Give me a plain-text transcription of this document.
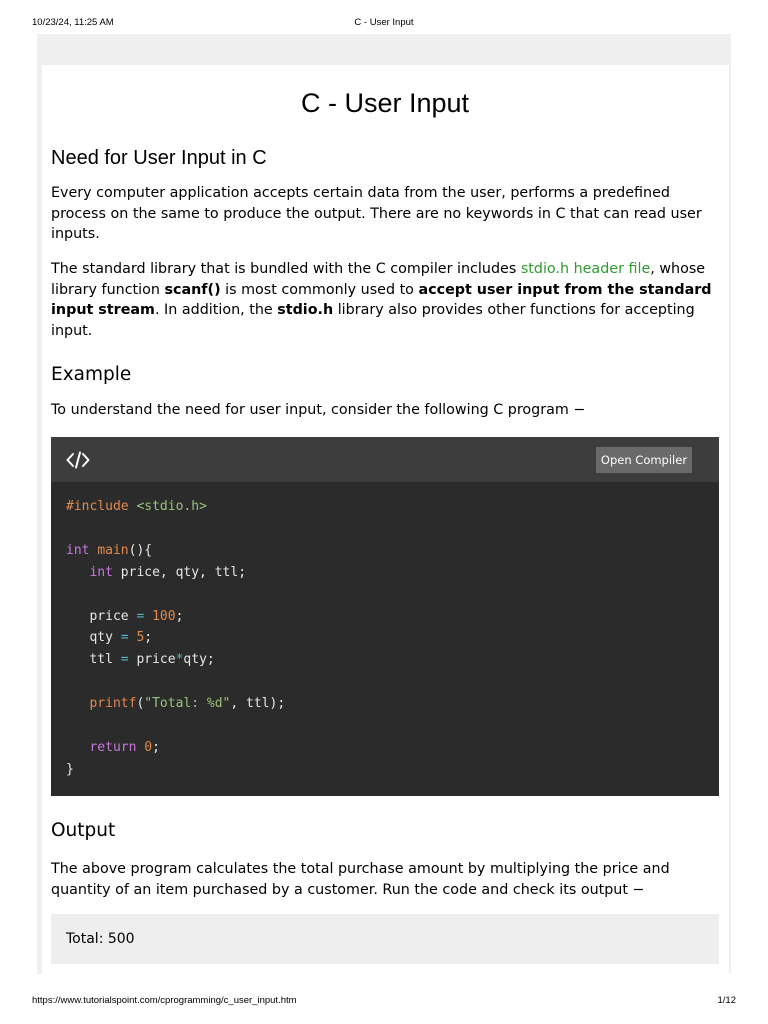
10/23/24, 11:25 AM	C - User Input
C - User Input
Need for User Input in C

Every computer application accepts certain data from the user, performs a predefined process on the same to produce the output. There are no keywords in C that can read user inputs.

The standard library that is bundled with the C compiler includes stdio.h header file, whose library function scanf() is most commonly used to accept user input from the standard input stream. In addition, the stdio.h library also provides other functions for accepting input.

Example

To understand the need for user input, consider the following C program −

Open Compiler
#include <stdio.h>

int main(){
int price, qty, ttl;

price = 100;
qty = 5;
ttl = price*qty;

printf("Total: %d", ttl);

return 0;
}
Output

The above program calculates the total purchase amount by multiplying the price and quantity of an item purchased by a customer. Run the code and check its output −

Total: 500
https://www.tutorialspoint.com/cprogramming/c_user_input.htm	1/12
